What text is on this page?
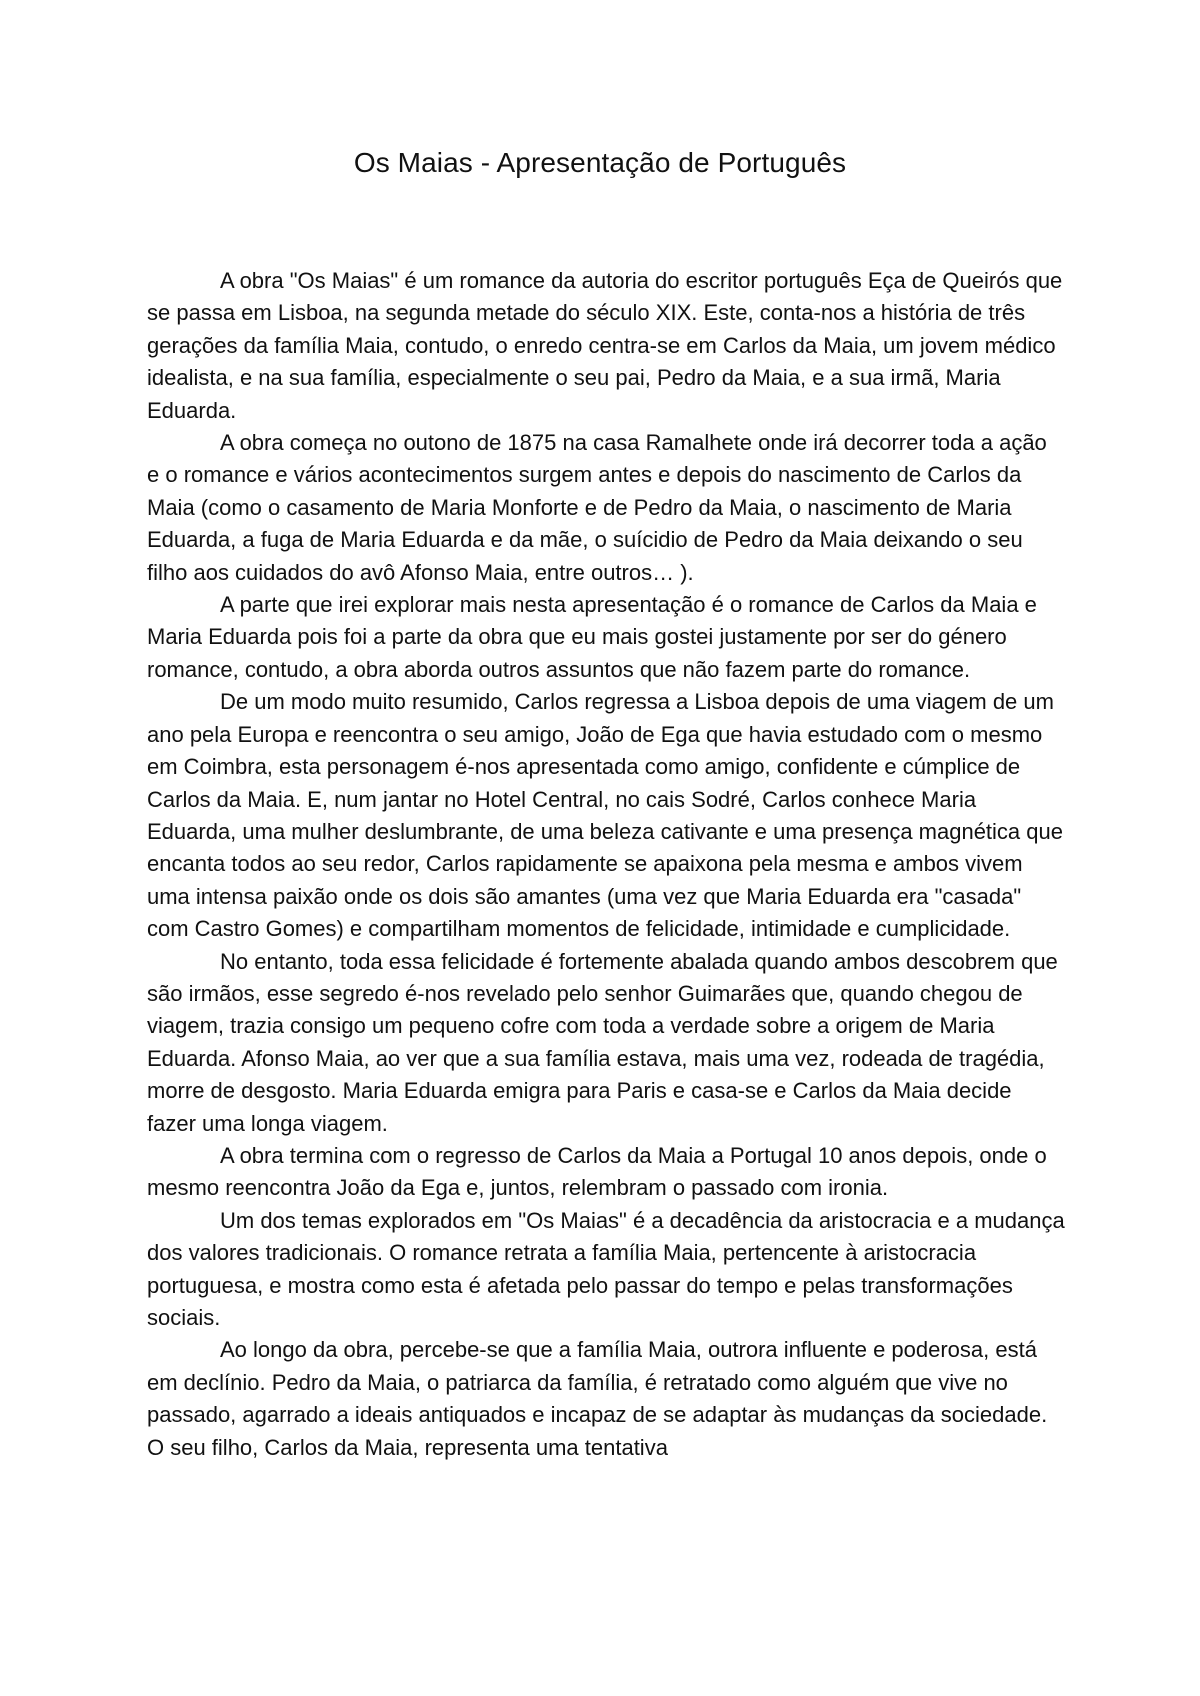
Os Maias - Apresentação de Português

A obra "Os Maias" é um romance da autoria do escritor português Eça de Queirós que se passa em Lisboa, na segunda metade do século XIX. Este, conta-nos a história de três gerações da família Maia, contudo, o enredo centra-se em Carlos da Maia, um jovem médico idealista, e na sua família, especialmente o seu pai, Pedro da Maia, e a sua irmã, Maria Eduarda.

A obra começa no outono de 1875 na casa Ramalhete onde irá decorrer toda a ação e o romance e vários acontecimentos surgem antes e depois do nascimento de Carlos da Maia (como o casamento de Maria Monforte e de Pedro da Maia, o nascimento de Maria Eduarda, a fuga de Maria Eduarda e da mãe, o suícidio de Pedro da Maia deixando o seu filho aos cuidados do avô Afonso Maia, entre outros… ).

A parte que irei explorar mais nesta apresentação é o romance de Carlos da Maia e Maria Eduarda pois foi a parte da obra que eu mais gostei justamente por ser do género romance, contudo, a obra aborda outros assuntos que não fazem parte do romance.

De um modo muito resumido, Carlos regressa a Lisboa depois de uma viagem de um ano pela Europa e reencontra o seu amigo, João de Ega que havia estudado com o mesmo em Coimbra, esta personagem é-nos apresentada como amigo, confidente e cúmplice de Carlos da Maia. E, num jantar no Hotel Central, no cais Sodré, Carlos conhece Maria Eduarda, uma mulher deslumbrante, de uma beleza cativante e uma presença magnética que encanta todos ao seu redor, Carlos rapidamente se apaixona pela mesma e ambos vivem uma intensa paixão onde os dois são amantes (uma vez que Maria Eduarda era "casada" com Castro Gomes) e compartilham momentos de felicidade, intimidade e cumplicidade.

No entanto, toda essa felicidade é fortemente abalada quando ambos descobrem que são irmãos, esse segredo é-nos revelado pelo senhor Guimarães que, quando chegou de viagem, trazia consigo um pequeno cofre com toda a verdade sobre a origem de Maria Eduarda. Afonso Maia, ao ver que a sua família estava, mais uma vez, rodeada de tragédia, morre de desgosto. Maria Eduarda emigra para Paris e casa-se e Carlos da Maia decide fazer uma longa viagem.

A obra termina com o regresso de Carlos da Maia a Portugal 10 anos depois, onde o mesmo reencontra João da Ega e, juntos, relembram o passado com ironia.

Um dos temas explorados em "Os Maias" é a decadência da aristocracia e a mudança dos valores tradicionais. O romance retrata a família Maia, pertencente à aristocracia portuguesa, e mostra como esta é afetada pelo passar do tempo e pelas transformações sociais.

Ao longo da obra, percebe-se que a família Maia, outrora influente e poderosa, está em declínio. Pedro da Maia, o patriarca da família, é retratado como alguém que vive no passado, agarrado a ideais antiquados e incapaz de se adaptar às mudanças da sociedade. O seu filho, Carlos da Maia, representa uma tentativa
